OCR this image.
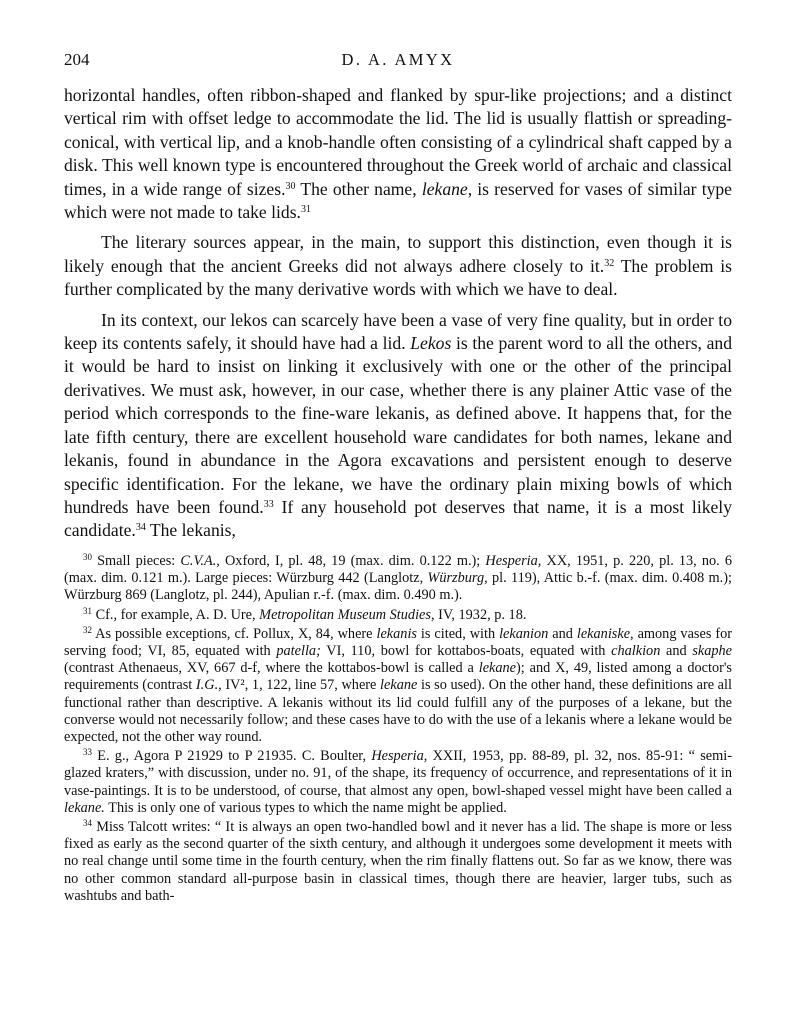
204	D. A. AMYX

horizontal handles, often ribbon-shaped and flanked by spur-like projections; and a distinct vertical rim with offset ledge to accommodate the lid. The lid is usually flattish or spreading-conical, with vertical lip, and a knob-handle often consisting of a cylindrical shaft capped by a disk. This well known type is encountered throughout the Greek world of archaic and classical times, in a wide range of sizes.$^{30}$ The other name, lekane, is reserved for vases of similar type which were not made to take lids.$^{31}$

The literary sources appear, in the main, to support this distinction, even though it is likely enough that the ancient Greeks did not always adhere closely to it.$^{32}$ The problem is further complicated by the many derivative words with which we have to deal.

In its context, our lekos can scarcely have been a vase of very fine quality, but in order to keep its contents safely, it should have had a lid. Lekos is the parent word to all the others, and it would be hard to insist on linking it exclusively with one or the other of the principal derivatives. We must ask, however, in our case, whether there is any plainer Attic vase of the period which corresponds to the fine-ware lekanis, as defined above. It happens that, for the late fifth century, there are excellent household ware candidates for both names, lekane and lekanis, found in abundance in the Agora excavations and persistent enough to deserve specific identification. For the lekane, we have the ordinary plain mixing bowls of which hundreds have been found.$^{33}$ If any household pot deserves that name, it is a most likely candidate.$^{34}$ The lekanis,

$^{30}$ Small pieces: C.V.A., Oxford, I, pl. 48, 19 (max. dim. 0.122 m.); Hesperia, XX, 1951, p. 220, pl. 13, no. 6 (max. dim. 0.121 m.). Large pieces: Würzburg 442 (Langlotz, Würzburg, pl. 119), Attic b.-f. (max. dim. 0.408 m.); Würzburg 869 (Langlotz, pl. 244), Apulian r.-f. (max. dim. 0.490 m.).

$^{31}$ Cf., for example, A. D. Ure, Metropolitan Museum Studies, IV, 1932, p. 18.

$^{32}$ As possible exceptions, cf. Pollux, X, 84, where lekanis is cited, with lekanion and lekaniske, among vases for serving food; VI, 85, equated with patella; VI, 110, bowl for kottabos-boats, equated with chalkion and skaphe (contrast Athenaeus, XV, 667 d-f, where the kottabos-bowl is called a lekane); and X, 49, listed among a doctor's requirements (contrast I.G., IV², 1, 122, line 57, where lekane is so used). On the other hand, these definitions are all functional rather than descriptive. A lekanis without its lid could fulfill any of the purposes of a lekane, but the converse would not necessarily follow; and these cases have to do with the use of a lekanis where a lekane would be expected, not the other way round.

$^{33}$ E. g., Agora P 21929 to P 21935. C. Boulter, Hesperia, XXII, 1953, pp. 88-89, pl. 32, nos. 85-91: “ semi-glazed kraters,” with discussion, under no. 91, of the shape, its frequency of occurrence, and representations of it in vase-paintings. It is to be understood, of course, that almost any open, bowl-shaped vessel might have been called a lekane. This is only one of various types to which the name might be applied.

$^{34}$ Miss Talcott writes: “ It is always an open two-handled bowl and it never has a lid. The shape is more or less fixed as early as the second quarter of the sixth century, and although it undergoes some development it meets with no real change until some time in the fourth century, when the rim finally flattens out. So far as we know, there was no other common standard all-purpose basin in classical times, though there are heavier, larger tubs, such as washtubs and bath-
